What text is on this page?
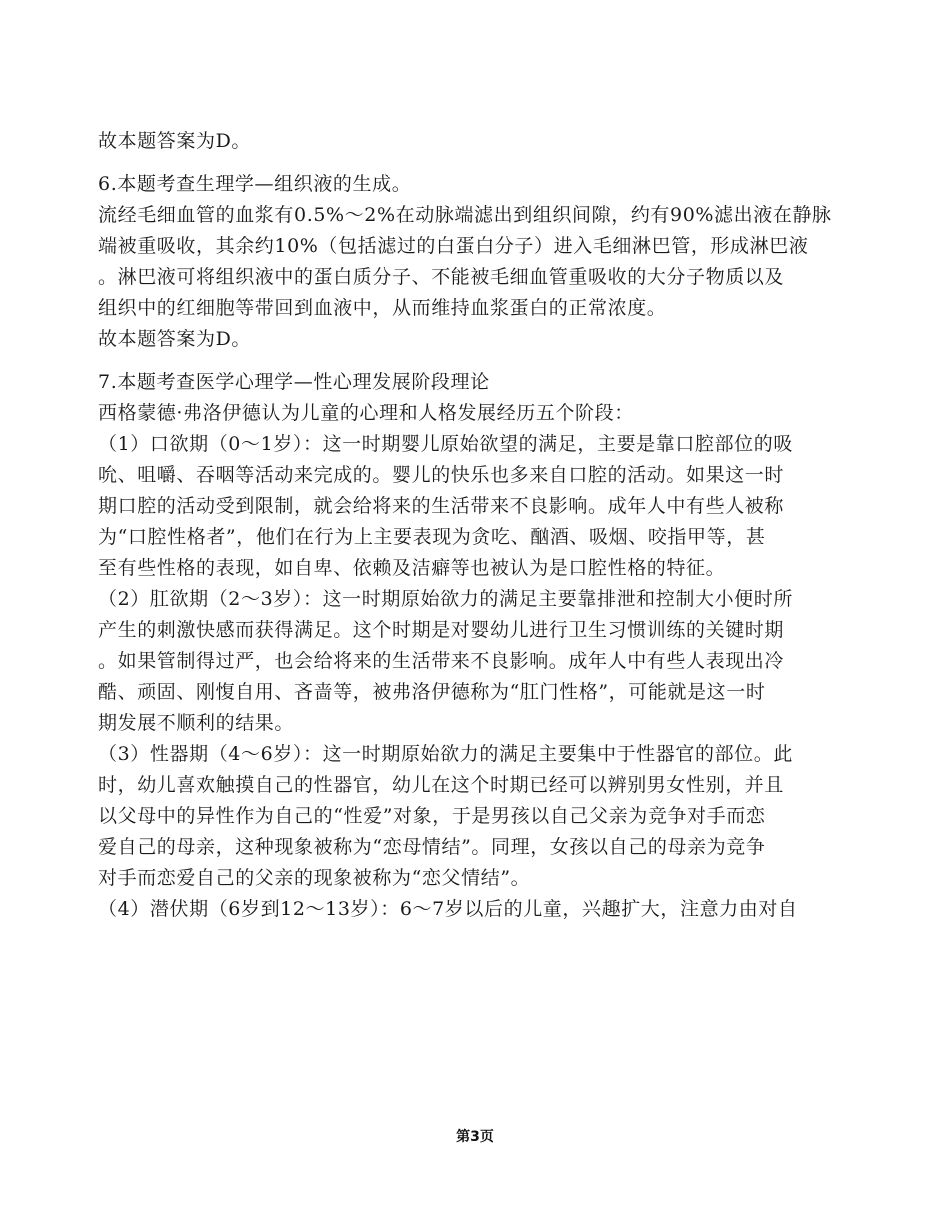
故本题答案为D。
6.本题考查生理学—组织液的生成。
流经毛细血管的血浆有0.5%～2%在动脉端滤出到组织间隙，约有90%滤出液在静脉
端被重吸收，其余约10%（包括滤过的白蛋白分子）进入毛细淋巴管，形成淋巴液
。淋巴液可将组织液中的蛋白质分子、不能被毛细血管重吸收的大分子物质以及
组织中的红细胞等带回到血液中，从而维持血浆蛋白的正常浓度。
故本题答案为D。
7.本题考查医学心理学—性心理发展阶段理论
西格蒙德·弗洛伊德认为儿童的心理和人格发展经历五个阶段：
（1）口欲期（0～1岁）：这一时期婴儿原始欲望的满足，主要是靠口腔部位的吸
吮、咀嚼、吞咽等活动来完成的。婴儿的快乐也多来自口腔的活动。如果这一时
期口腔的活动受到限制，就会给将来的生活带来不良影响。成年人中有些人被称
为“口腔性格者”，他们在行为上主要表现为贪吃、酗酒、吸烟、咬指甲等，甚
至有些性格的表现，如自卑、依赖及洁癖等也被认为是口腔性格的特征。
（2）肛欲期（2～3岁）：这一时期原始欲力的满足主要靠排泄和控制大小便时所
产生的刺激快感而获得满足。这个时期是对婴幼儿进行卫生习惯训练的关键时期
。如果管制得过严，也会给将来的生活带来不良影响。成年人中有些人表现出冷
酷、顽固、刚愎自用、吝啬等，被弗洛伊德称为“肛门性格”，可能就是这一时
期发展不顺利的结果。
（3）性器期（4～6岁）：这一时期原始欲力的满足主要集中于性器官的部位。此
时，幼儿喜欢触摸自己的性器官，幼儿在这个时期已经可以辨别男女性别，并且
以父母中的异性作为自己的“性爱”对象，于是男孩以自己父亲为竞争对手而恋
爱自己的母亲，这种现象被称为“恋母情结”。同理，女孩以自己的母亲为竞争
对手而恋爱自己的父亲的现象被称为“恋父情结”。
（4）潜伏期（6岁到12～13岁）：6～7岁以后的儿童，兴趣扩大，注意力由对自
第3页
